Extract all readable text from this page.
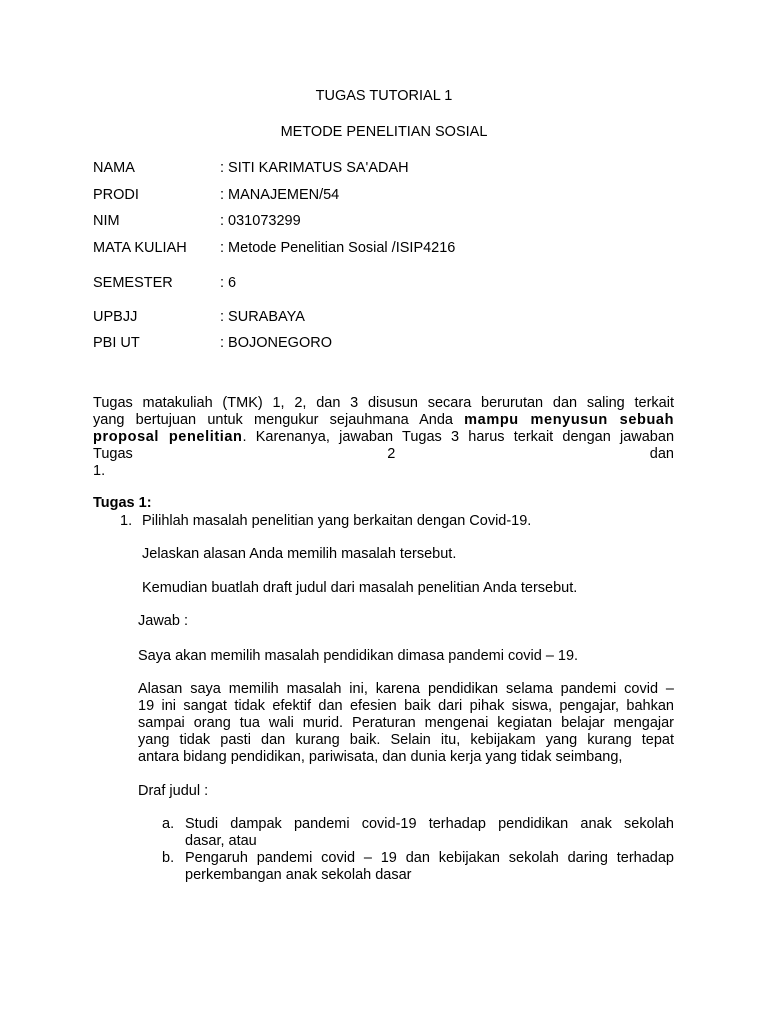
TUGAS TUTORIAL 1
METODE PENELITIAN SOSIAL
NAMA	: SITI KARIMATUS SA'ADAH
PRODI	: MANAJEMEN/54
NIM	: 031073299
MATA KULIAH : Metode Penelitian Sosial /ISIP4216
SEMESTER	: 6
UPBJJ	: SURABAYA
PBI UT	: BOJONEGORO
Tugas matakuliah (TMK) 1, 2, dan 3 disusun secara berurutan dan saling terkait
yang bertujuan untuk mengukur sejauhmana Anda mampu menyusun sebuah
proposal penelitian. Karenanya, jawaban Tugas 3 harus terkait dengan jawaban
Tugas 2 dan 1.
Tugas 1:
1. Pilihlah masalah penelitian yang berkaitan dengan Covid-19.
Jelaskan alasan Anda memilih masalah tersebut.
Kemudian buatlah draft judul dari masalah penelitian Anda tersebut.
Jawab :
Saya akan memilih masalah pendidikan dimasa pandemi covid – 19.
Alasan saya memilih masalah ini, karena pendidikan selama pandemi covid –
19 ini sangat tidak efektif dan efesien baik dari pihak siswa, pengajar, bahkan
sampai orang tua wali murid. Peraturan mengenai kegiatan belajar mengajar
yang tidak pasti dan kurang baik. Selain itu, kebijakam yang kurang tepat
antara bidang pendidikan, pariwisata, dan dunia kerja yang tidak seimbang,
Draf judul :
a. Studi dampak pandemi covid-19 terhadap pendidikan anak sekolah
dasar, atau
b. Pengaruh pandemi covid – 19 dan kebijakan sekolah daring terhadap
perkembangan anak sekolah dasar
